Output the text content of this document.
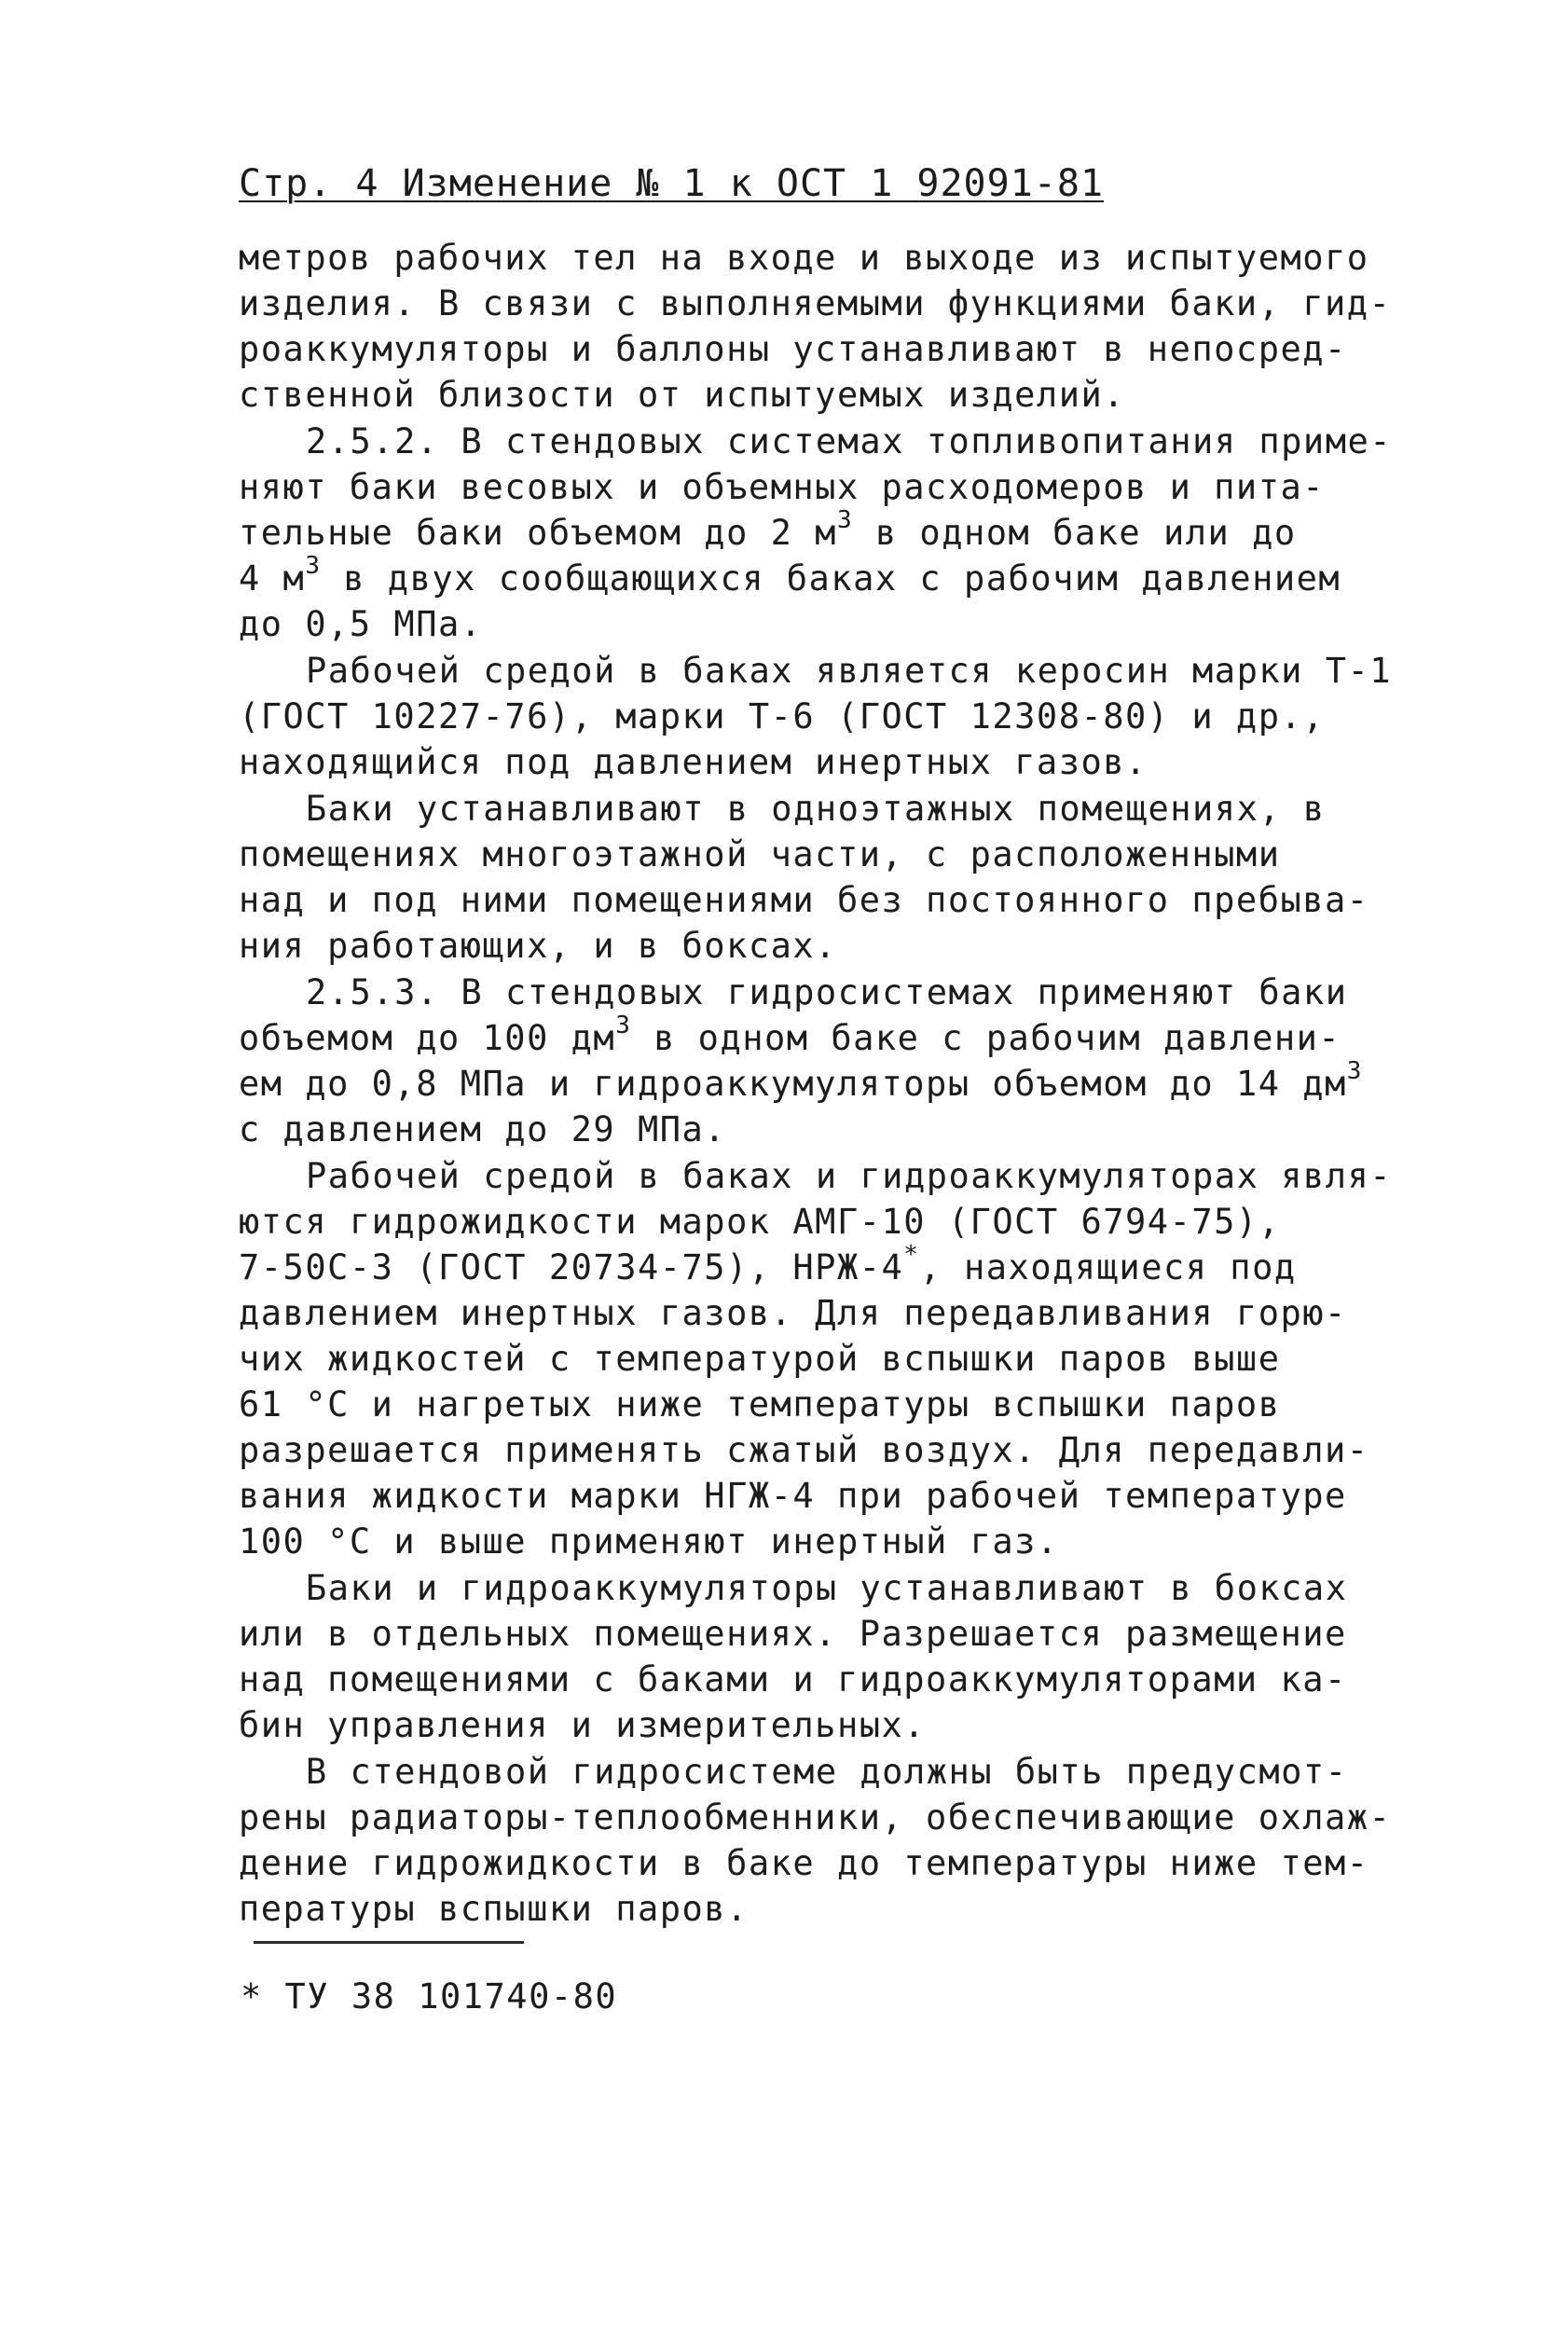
Стр. 4 Изменение № 1 к ОСТ 1 92091-81
метров рабочих тел на входе и выходе из испытуемого
изделия. В связи с выполняемыми функциями баки, гид-
роаккумуляторы и баллоны устанавливают в непосред-
ственной близости от испытуемых изделий.
2.5.2. В стендовых системах топливопитания приме-
няют баки весовых и объемных расходомеров и пита-
тельные баки объемом до 2 $м^3$ в одном баке или до
4 $м^3$ в двух сообщающихся баках с рабочим давлением
до 0,5 МПа.
Рабочей средой в баках является керосин марки Т-1
(ГОСТ 10227-76), марки Т-6 (ГОСТ 12308-80) и др.,
находящийся под давлением инертных газов.
Баки устанавливают в одноэтажных помещениях, в
помещениях многоэтажной части, с расположенными
над и под ними помещениями без постоянного пребыва-
ния работающих, и в боксах.
2.5.3. В стендовых гидросистемах применяют баки
объемом до 100 $дм^3$ в одном баке с рабочим давлени-
ем до 0,8 МПа и гидроаккумуляторы объемом до 14 $дм^3$
с давлением до 29 МПа.
Рабочей средой в баках и гидроаккумуляторах явля-
ются гидрожидкости марок АМГ-10 (ГОСТ 6794-75),
7-50С-3 (ГОСТ 20734-75), НРЖ-4*, находящиеся под
давлением инертных газов. Для передавливания горю-
чих жидкостей с температурой вспышки паров выше
61 °С и нагретых ниже температуры вспышки паров
разрешается применять сжатый воздух. Для передавли-
вания жидкости марки НГЖ-4 при рабочей температуре
100 °С и выше применяют инертный газ.
Баки и гидроаккумуляторы устанавливают в боксах
или в отдельных помещениях. Разрешается размещение
над помещениями с баками и гидроаккумуляторами ка-
бин управления и измерительных.
В стендовой гидросистеме должны быть предусмот-
рены радиаторы-теплообменники, обеспечивающие охлаж-
дение гидрожидкости в баке до температуры ниже тем-
пературы вспышки паров.
* ТУ 38 101740-80
